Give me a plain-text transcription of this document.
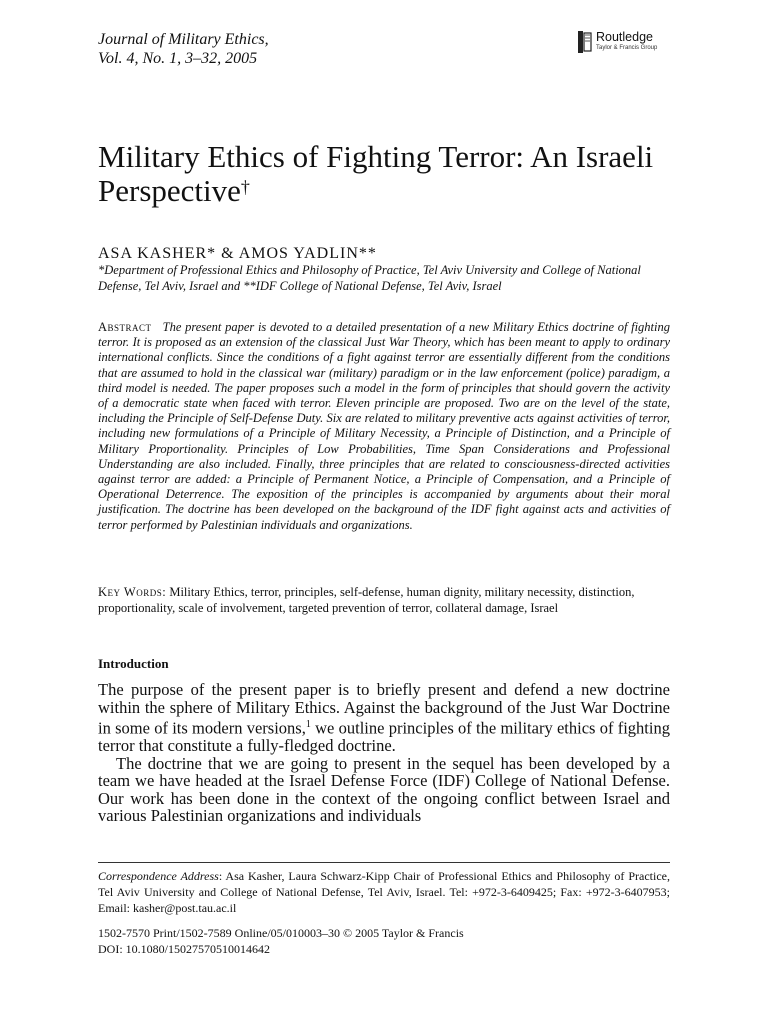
Journal of Military Ethics,
Vol. 4, No. 1, 3–32, 2005
Routledge
Taylor & Francis Group
Military Ethics of Fighting Terror: An Israeli Perspective†
ASA KASHER* & AMOS YADLIN**
*Department of Professional Ethics and Philosophy of Practice, Tel Aviv University and College of National Defense, Tel Aviv, Israel and **IDF College of National Defense, Tel Aviv, Israel
Abstract The present paper is devoted to a detailed presentation of a new Military Ethics doctrine of fighting terror. It is proposed as an extension of the classical Just War Theory, which has been meant to apply to ordinary international conflicts. Since the conditions of a fight against terror are essentially different from the conditions that are assumed to hold in the classical war (military) paradigm or in the law enforcement (police) paradigm, a third model is needed. The paper proposes such a model in the form of principles that should govern the activity of a democratic state when faced with terror. Eleven principle are proposed. Two are on the level of the state, including the Principle of Self-Defense Duty. Six are related to military preventive acts against activities of terror, including new formulations of a Principle of Military Necessity, a Principle of Distinction, and a Principle of Military Proportionality. Principles of Low Probabilities, Time Span Considerations and Professional Understanding are also included. Finally, three principles that are related to consciousness-directed activities against terror are added: a Principle of Permanent Notice, a Principle of Compensation, and a Principle of Operational Deterrence. The exposition of the principles is accompanied by arguments about their moral justification. The doctrine has been developed on the background of the IDF fight against acts and activities of terror performed by Palestinian individuals and organizations.
Key Words: Military Ethics, terror, principles, self-defense, human dignity, military necessity, distinction, proportionality, scale of involvement, targeted prevention of terror, collateral damage, Israel
Introduction

The purpose of the present paper is to briefly present and defend a new doctrine within the sphere of Military Ethics. Against the background of the Just War Doctrine in some of its modern versions,$^1$ we outline principles of the military ethics of fighting terror that constitute a fully-fledged doctrine.

The doctrine that we are going to present in the sequel has been developed by a team we have headed at the Israel Defense Force (IDF) College of National Defense. Our work has been done in the context of the ongoing conflict between Israel and various Palestinian organizations and individuals

Correspondence Address: Asa Kasher, Laura Schwarz-Kipp Chair of Professional Ethics and Philosophy of Practice, Tel Aviv University and College of National Defense, Tel Aviv, Israel. Tel: +972-3-6409425; Fax: +972-3-6407953; Email: kasher@post.tau.ac.il
1502-7570 Print/1502-7589 Online/05/010003–30 © 2005 Taylor & Francis
DOI: 10.1080/15027570510014642
